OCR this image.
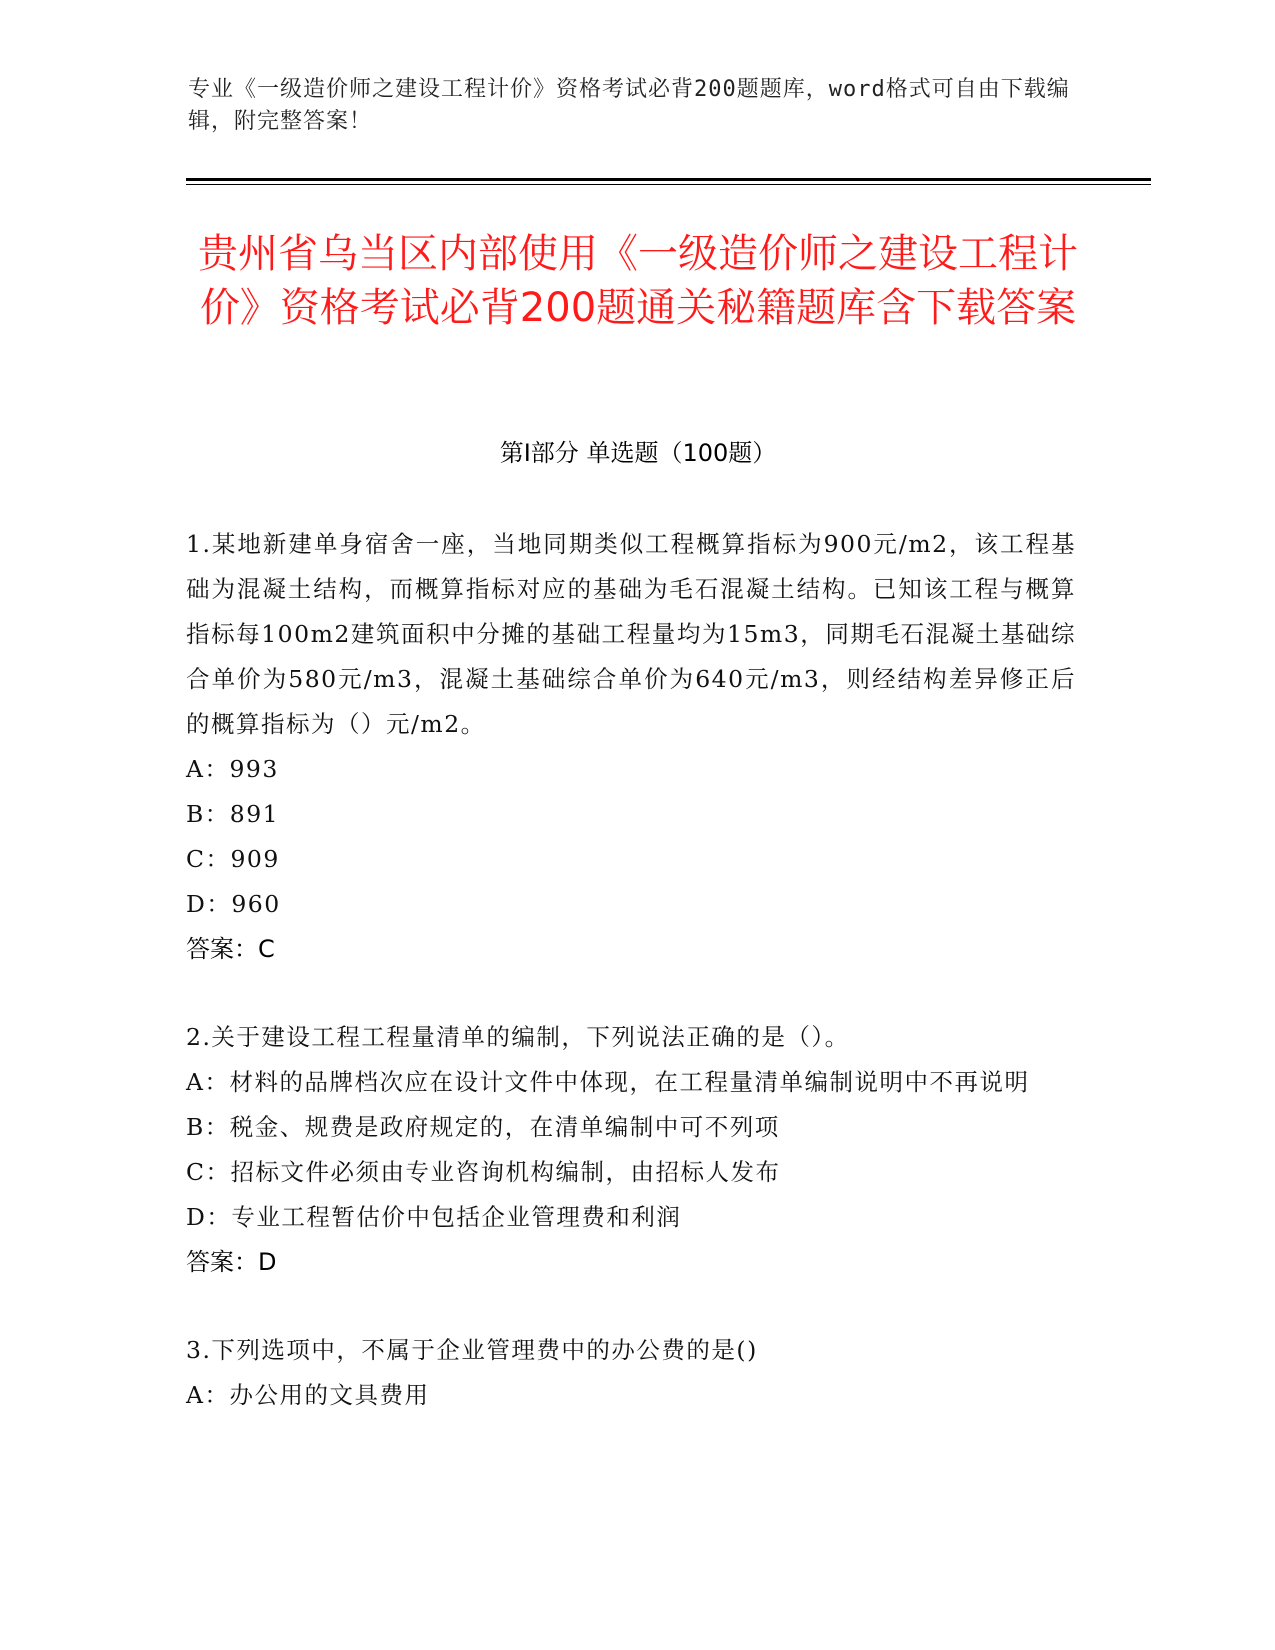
专业《一级造价师之建设工程计价》资格考试必背200题题库，word格式可自由下载编辑，附完整答案！
贵州省乌当区内部使用《一级造价师之建设工程计价》资格考试必背200题通关秘籍题库含下载答案
第Ⅰ部分 单选题（100题）
1.某地新建单身宿舍一座，当地同期类似工程概算指标为900元/m2，该工程基础为混凝土结构，而概算指标对应的基础为毛石混凝土结构。已知该工程与概算指标每100m2建筑面积中分摊的基础工程量均为15m3，同期毛石混凝土基础综合单价为580元/m3，混凝土基础综合单价为640元/m3，则经结构差异修正后的概算指标为（）元/m2。
A：993
B：891
C：909
D：960
答案：C
2.关于建设工程工程量清单的编制，下列说法正确的是（）。
A：材料的品牌档次应在设计文件中体现，在工程量清单编制说明中不再说明
B：税金、规费是政府规定的，在清单编制中可不列项
C：招标文件必须由专业咨询机构编制，由招标人发布
D：专业工程暂估价中包括企业管理费和利润
答案：D
3.下列选项中，不属于企业管理费中的办公费的是()
A：办公用的文具费用
